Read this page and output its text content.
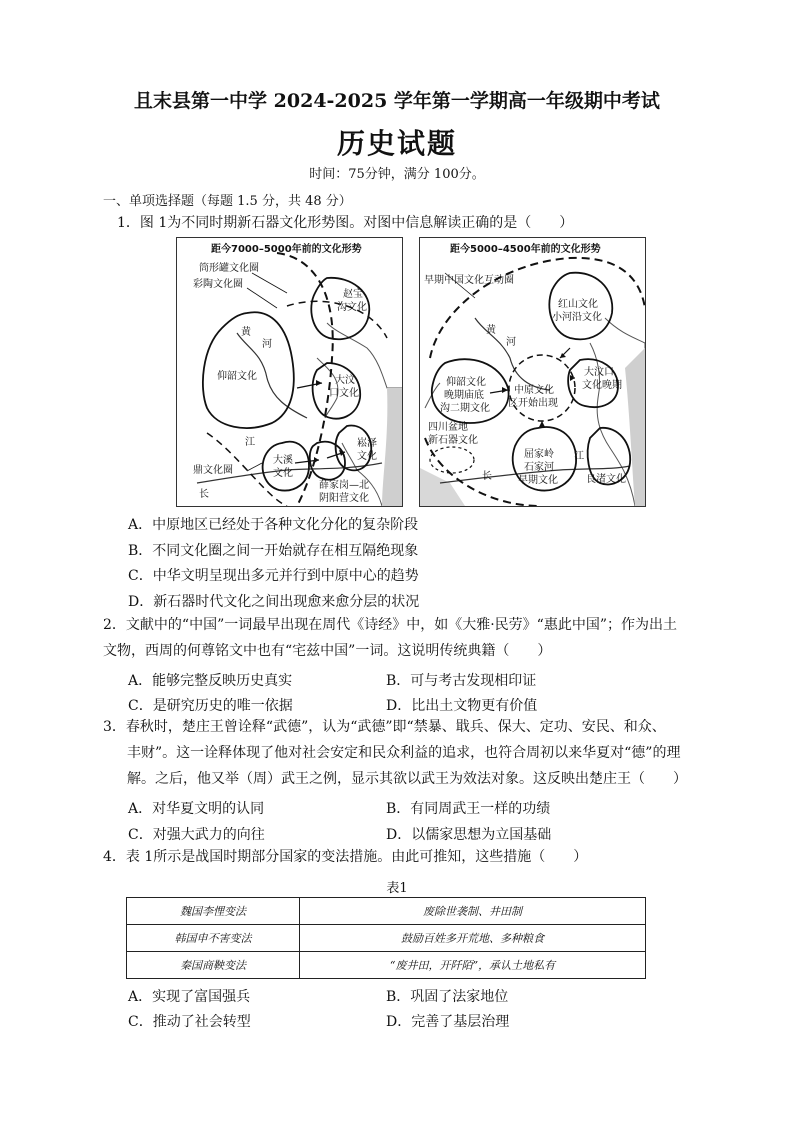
且末县第一中学 2024-2025 学年第一学期高一年级期中考试
历史试题
时间：75分钟，满分 100分。
一、单项选择题（每题 1.5 分，共 48 分）
1．图 1为不同时期新石器文化形势图。对图中信息解读正确的是（　　）
距今7000–5000年前的文化形势
筒形罐文化圈
彩陶文化圈
黄
河
仰韶文化
赵宝
沟文化
大汶
口文化
江
大溪
文化
崧泽
文化
鼎文化圈
长
薛家岗—北
阴阳营文化
距今5000–4500年前的文化形势
早期中国文化互动圈
红山文化
小河沿文化
黄
河
仰韶文化
晚期庙底
沟二期文化
中原文化
区开始出现
大汶口
文化晚期
四川盆地
新石器文化
屈家岭
石家河
早期文化
江
长	良渚文化
A．中原地区已经处于各种文化分化的复杂阶段
B．不同文化圈之间一开始就存在相互隔绝现象
C．中华文明呈现出多元并行到中原中心的趋势
D．新石器时代文化之间出现愈来愈分层的状况
2．文献中的“中国”一词最早出现在周代《诗经》中，如《大雅·民劳》“惠此中国”；作为出土
文物，西周的何尊铭文中也有“宅兹中国”一词。这说明传统典籍（　　）
A．能够完整反映历史真实	B．可与考古发现相印证
C．是研究历史的唯一依据	D．比出土文物更有价值
3．春秋时，楚庄王曾诠释“武德”，认为“武德”即“禁暴、戢兵、保大、定功、安民、和众、
丰财”。这一诠释体现了他对社会安定和民众利益的追求，也符合周初以来华夏对“德”的理
解。之后，他又举（周）武王之例，显示其欲以武王为效法对象。这反映出楚庄王（　　）
A．对华夏文明的认同	B．有同周武王一样的功绩
C．对强大武力的向往	D．以儒家思想为立国基础
4．表 1所示是战国时期部分国家的变法措施。由此可推知，这些措施（　　）
表1
魏国李悝变法	废除世袭制、井田制
韩国申不害变法	鼓励百姓多开荒地、多种粮食
秦国商鞅变法	“废井田，开阡陌”，承认土地私有
A．实现了富国强兵	B．巩固了法家地位
C．推动了社会转型	D．完善了基层治理
